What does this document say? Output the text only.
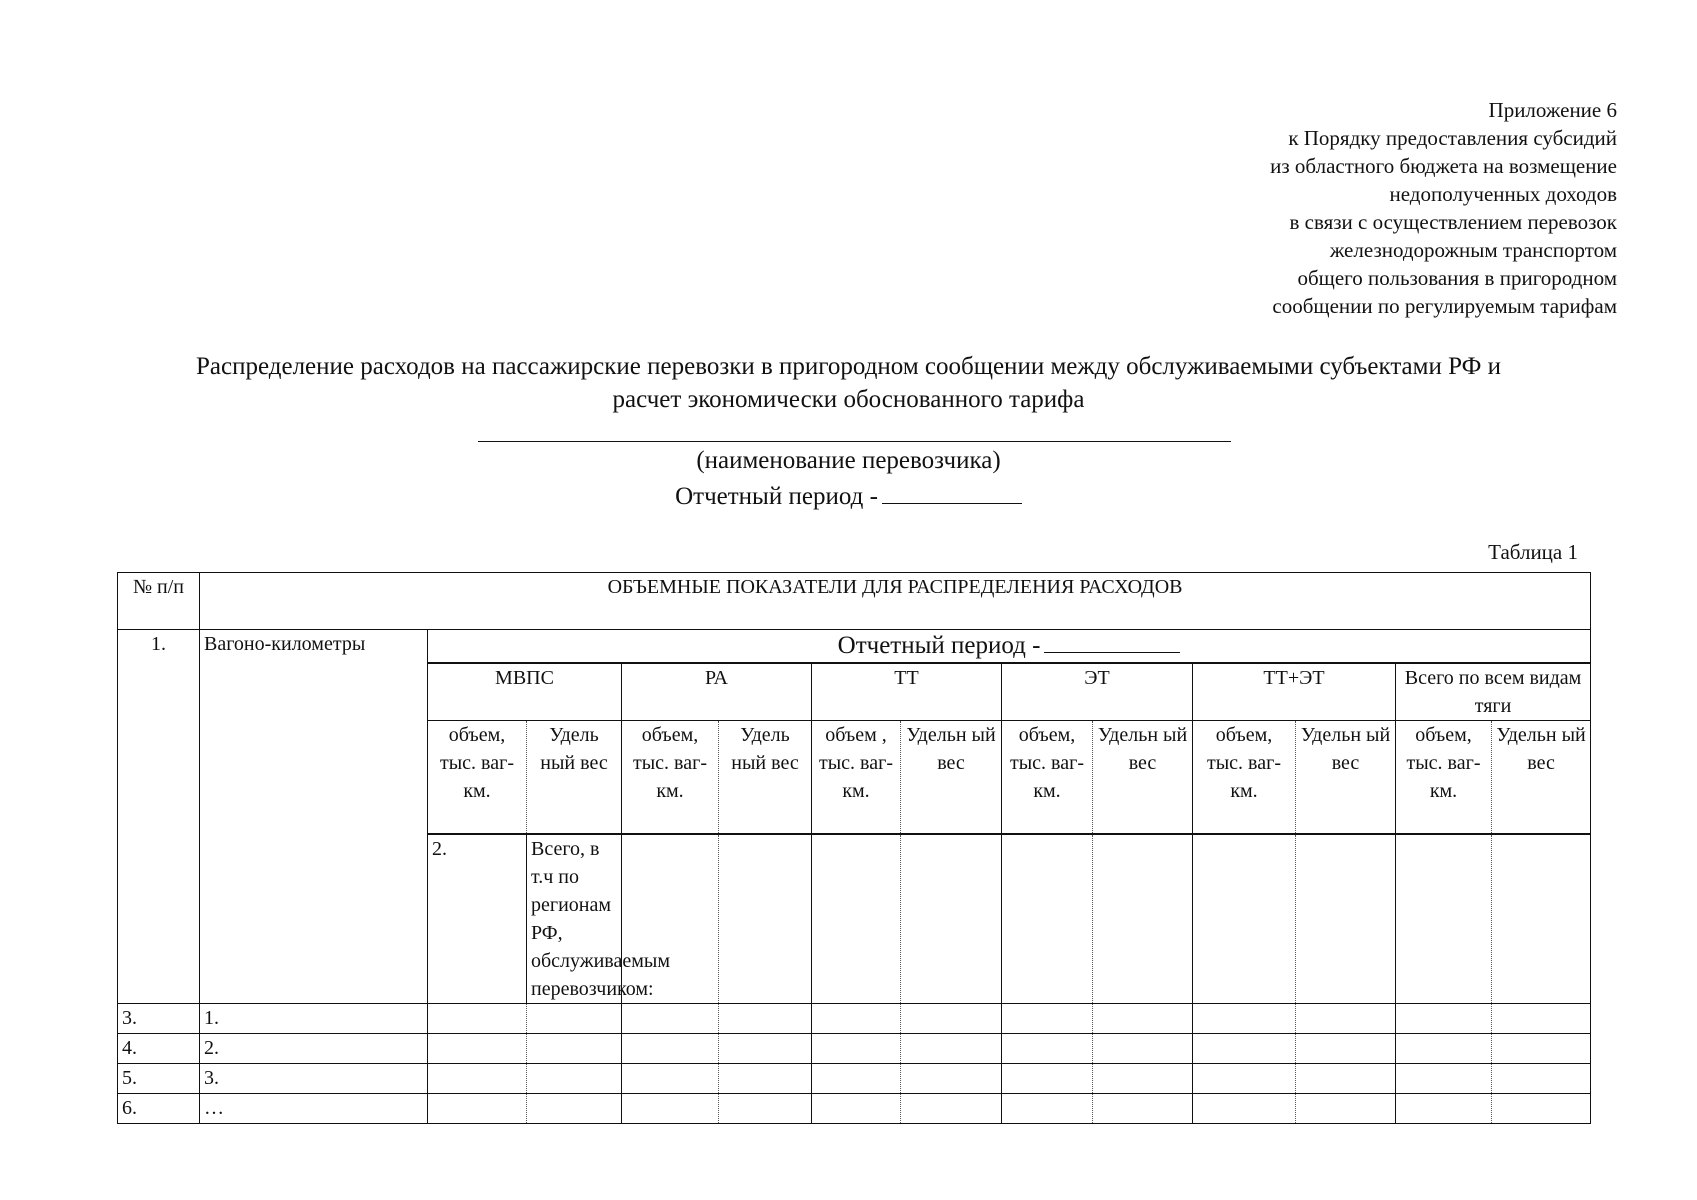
Приложение 6
к Порядку предоставления субсидий
из областного бюджета на возмещение
недополученных доходов
в связи с осуществлением перевозок
железнодорожным транспортом
общего пользования в пригородном
сообщении по регулируемым тарифам
Распределение расходов на пассажирские перевозки в пригородном сообщении между обслуживаемыми субъектами РФ и
расчет экономически обоснованного тарифа
(наименование перевозчика)
Отчетный период -
Таблица 1
№ п/п	ОБЪЕМНЫЕ ПОКАЗАТЕЛИ ДЛЯ РАСПРЕДЕЛЕНИЯ РАСХОДОВ													
1.	Вагоно-километры	Отчетный период -												
		МВПС		РА		ТТ		ЭТ		ТТ+ЭТ		Всего по всем видам тяги		
		объем, тыс. ваг-км.	Удель ный вес	объем, тыс. ваг-км.	Удель ный вес	объем , тыс. ваг-км.	Удельн ый вес	объем, тыс. ваг-км.	Удельн ый вес	объем, тыс. ваг-км.	Удельн ый вес	объем, тыс. ваг-км.	Удельн ый вес	
		2.	Всего, в т.ч по регионам РФ, обслуживаемым перевозчиком:												
3.	1.													
4.	2.													
5.	3.													
6.	…													
